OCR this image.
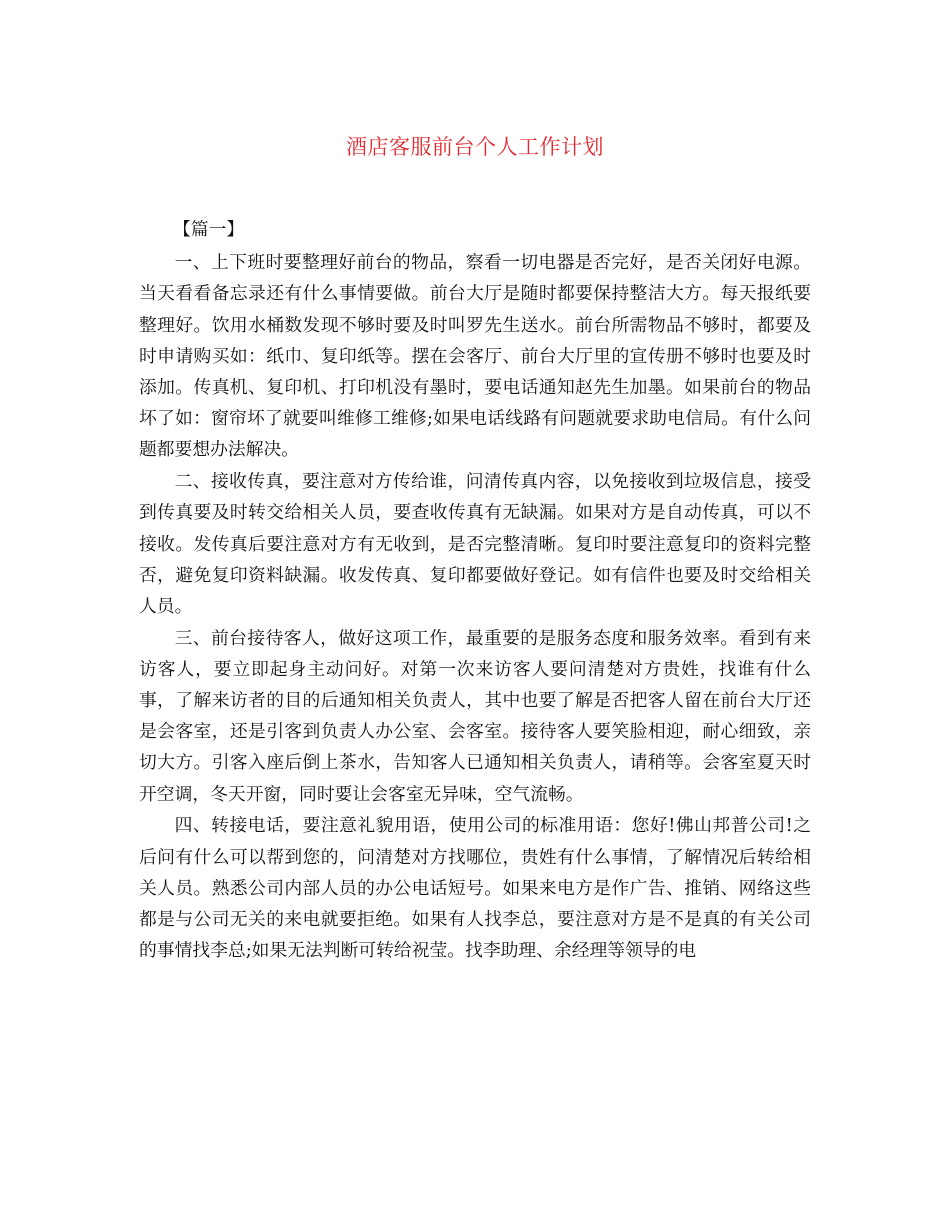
酒店客服前台个人工作计划
【篇一】

一、上下班时要整理好前台的物品，察看一切电器是否完好，是否关闭好电源。当天看看备忘录还有什么事情要做。前台大厅是随时都要保持整洁大方。每天报纸要整理好。饮用水桶数发现不够时要及时叫罗先生送水。前台所需物品不够时，都要及时申请购买如：纸巾、复印纸等。摆在会客厅、前台大厅里的宣传册不够时也要及时添加。传真机、复印机、打印机没有墨时，要电话通知赵先生加墨。如果前台的物品坏了如：窗帘坏了就要叫维修工维修;如果电话线路有问题就要求助电信局。有什么问题都要想办法解决。

二、接收传真，要注意对方传给谁，问清传真内容，以免接收到垃圾信息，接受到传真要及时转交给相关人员，要查收传真有无缺漏。如果对方是自动传真，可以不接收。发传真后要注意对方有无收到，是否完整清晰。复印时要注意复印的资料完整否，避免复印资料缺漏。收发传真、复印都要做好登记。如有信件也要及时交给相关人员。

三、前台接待客人，做好这项工作，最重要的是服务态度和服务效率。看到有来访客人，要立即起身主动问好。对第一次来访客人要问清楚对方贵姓，找谁有什么事，了解来访者的目的后通知相关负责人，其中也要了解是否把客人留在前台大厅还是会客室，还是引客到负责人办公室、会客室。接待客人要笑脸相迎，耐心细致，亲切大方。引客入座后倒上茶水，告知客人已通知相关负责人，请稍等。会客室夏天时开空调，冬天开窗，同时要让会客室无异味，空气流畅。

四、转接电话，要注意礼貌用语，使用公司的标准用语：您好!佛山邦普公司!之后问有什么可以帮到您的，问清楚对方找哪位，贵姓有什么事情，了解情况后转给相关人员。熟悉公司内部人员的办公电话短号。如果来电方是作广告、推销、网络这些都是与公司无关的来电就要拒绝。如果有人找李总，要注意对方是不是真的有关公司的事情找李总;如果无法判断可转给祝莹。找李助理、余经理等领导的电
